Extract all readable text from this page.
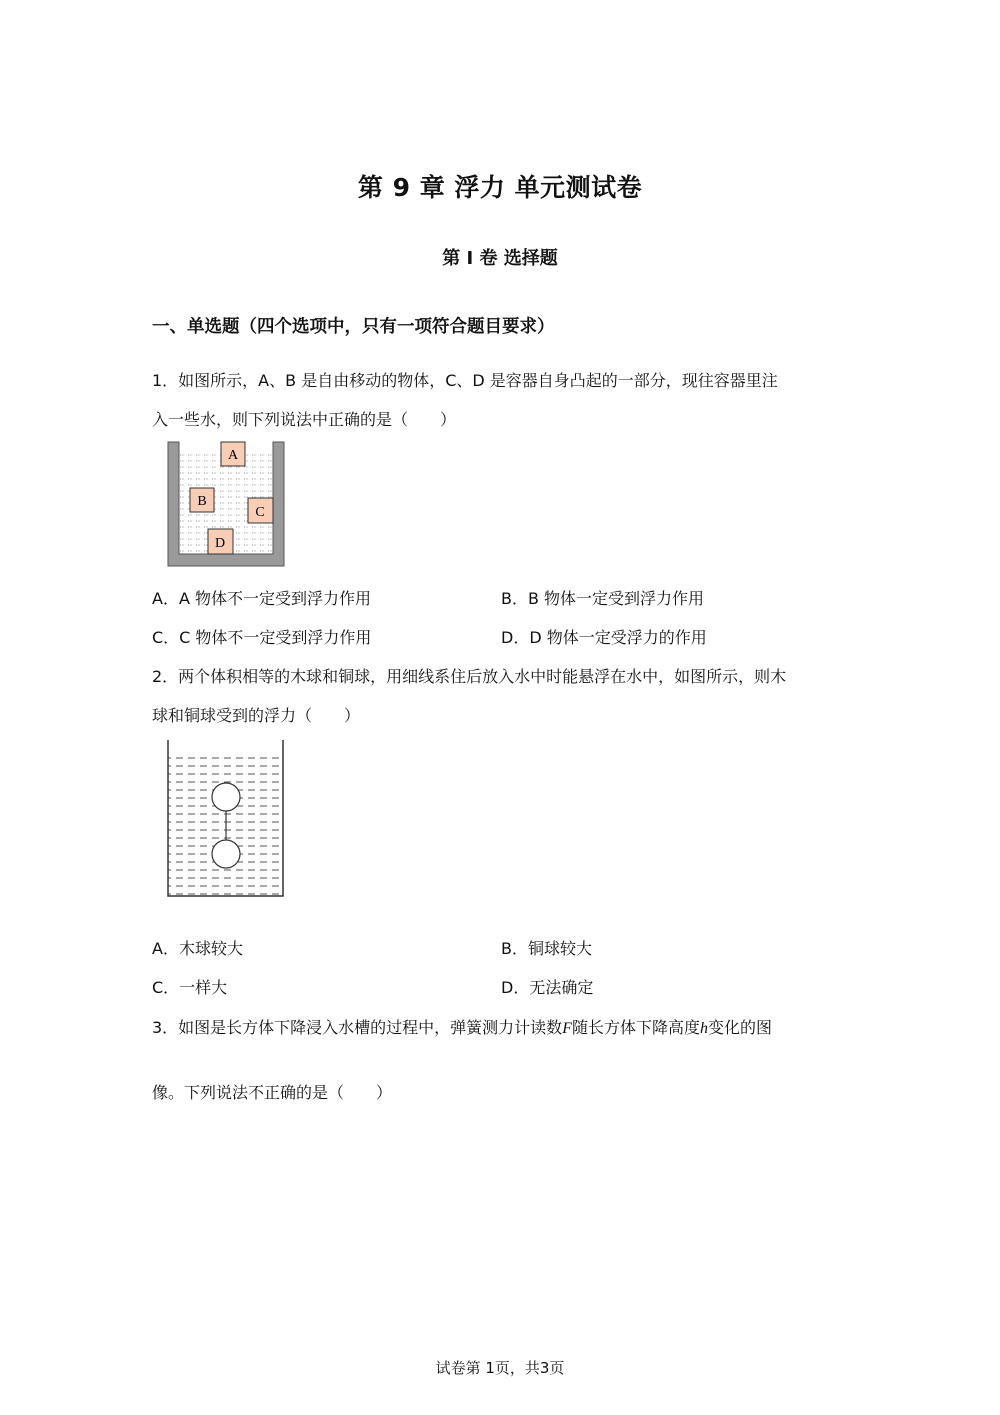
第 9 章 浮力 单元测试卷
第 I 卷 选择题
一、单选题（四个选项中，只有一项符合题目要求）
1．如图所示，A、B 是自由移动的物体，C、D 是容器自身凸起的一部分，现往容器里注
入一些水，则下列说法中正确的是（　　）
A
B
C
D
A．A 物体不一定受到浮力作用	B．B 物体一定受到浮力作用
C．C 物体不一定受到浮力作用	D．D 物体一定受浮力的作用
2．两个体积相等的木球和铜球，用细线系住后放入水中时能悬浮在水中，如图所示，则木
球和铜球受到的浮力（　　）
A．木球较大	B．铜球较大
C．一样大	D．无法确定
3．如图是长方体下降浸入水槽的过程中，弹簧测力计读数F随长方体下降高度h变化的图
像。下列说法不正确的是（　　）
试卷第 1页，共3页
